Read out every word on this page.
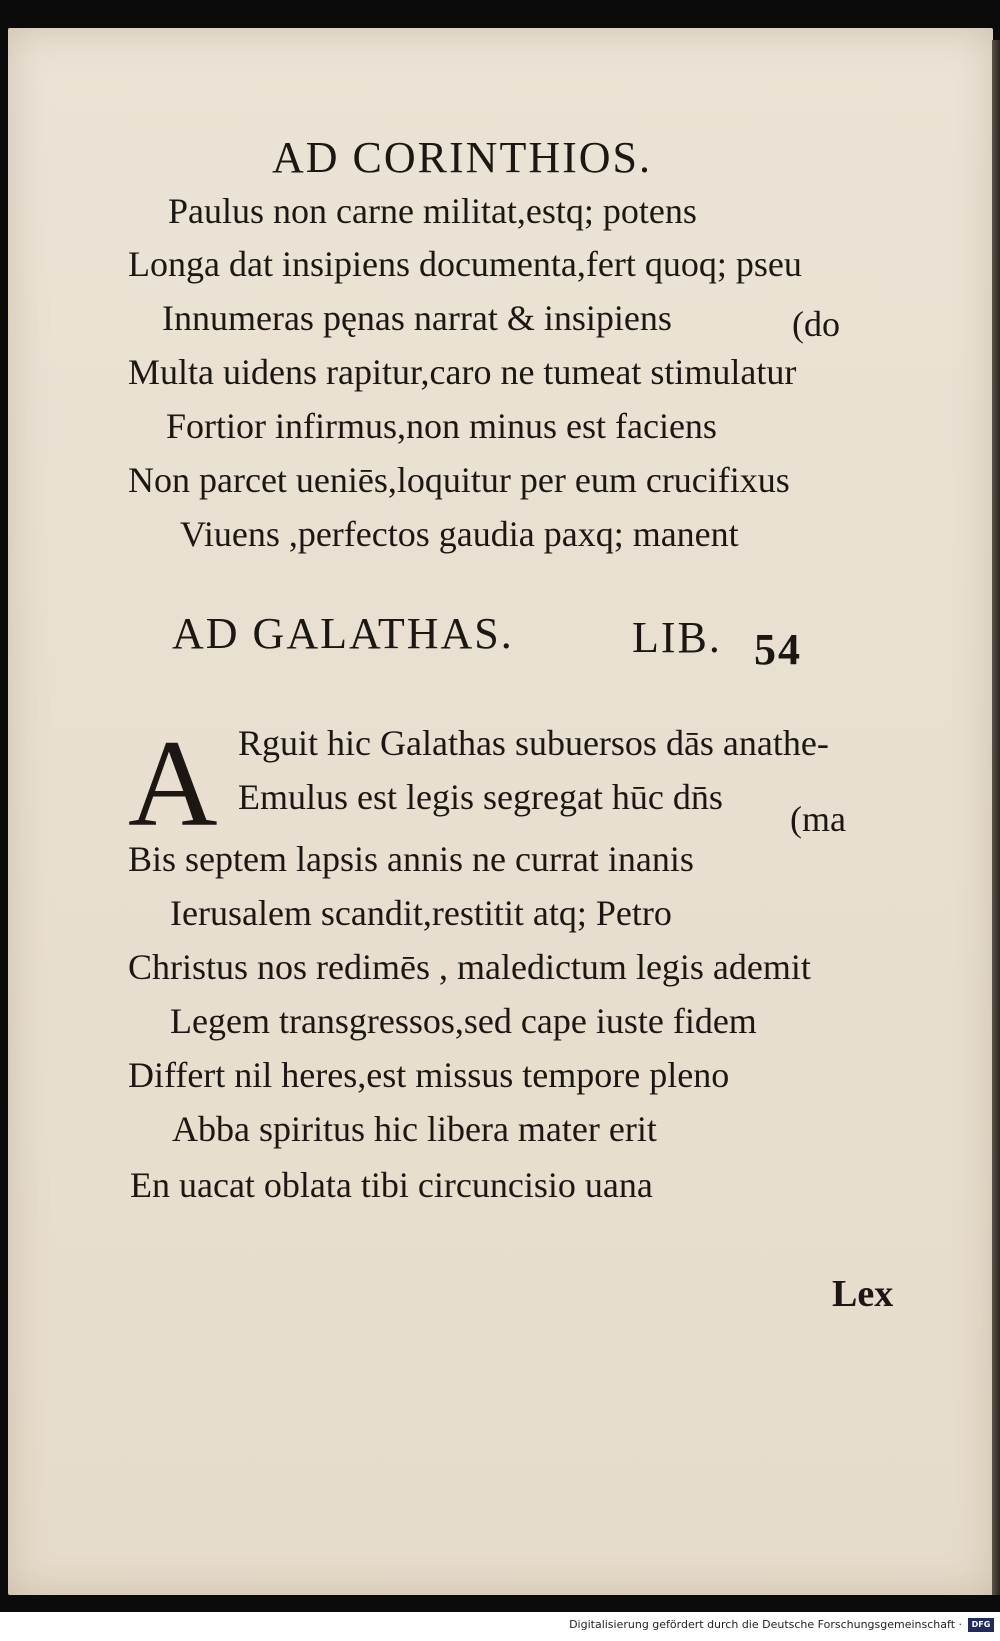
AD CORINTHIOS.
Paulus non carne militat,estq; potens
Longa dat insipiens documenta,fert quoq; pseu
Innumeras pęnas narrat & insipiens	(do
Multa uidens rapitur,caro ne tumeat stimulatur
Fortior infirmus,non minus est faciens
Non parcet ueniēs,loquitur per eum crucifixus
Viuens ,perfectos gaudia paxq; manent
AD GALATHAS.	LIB. 54
A Rguit hic Galathas subuersos dās anathe-
Emulus est legis segregat hūc dn̄s
(ma
Bis septem lapsis annis ne currat inanis
Ierusalem scandit,restitit atq; Petro
Christus nos redimēs , maledictum legis ademit
Legem transgressos,sed cape iuste fidem
Differt nil heres,est missus tempore pleno
Abba spiritus hic libera mater erit
En uacat oblata tibi circuncisio uana
Lex
Digitalisierung gefördert durch die Deutsche Forschungsgemeinschaft ·	DFG
